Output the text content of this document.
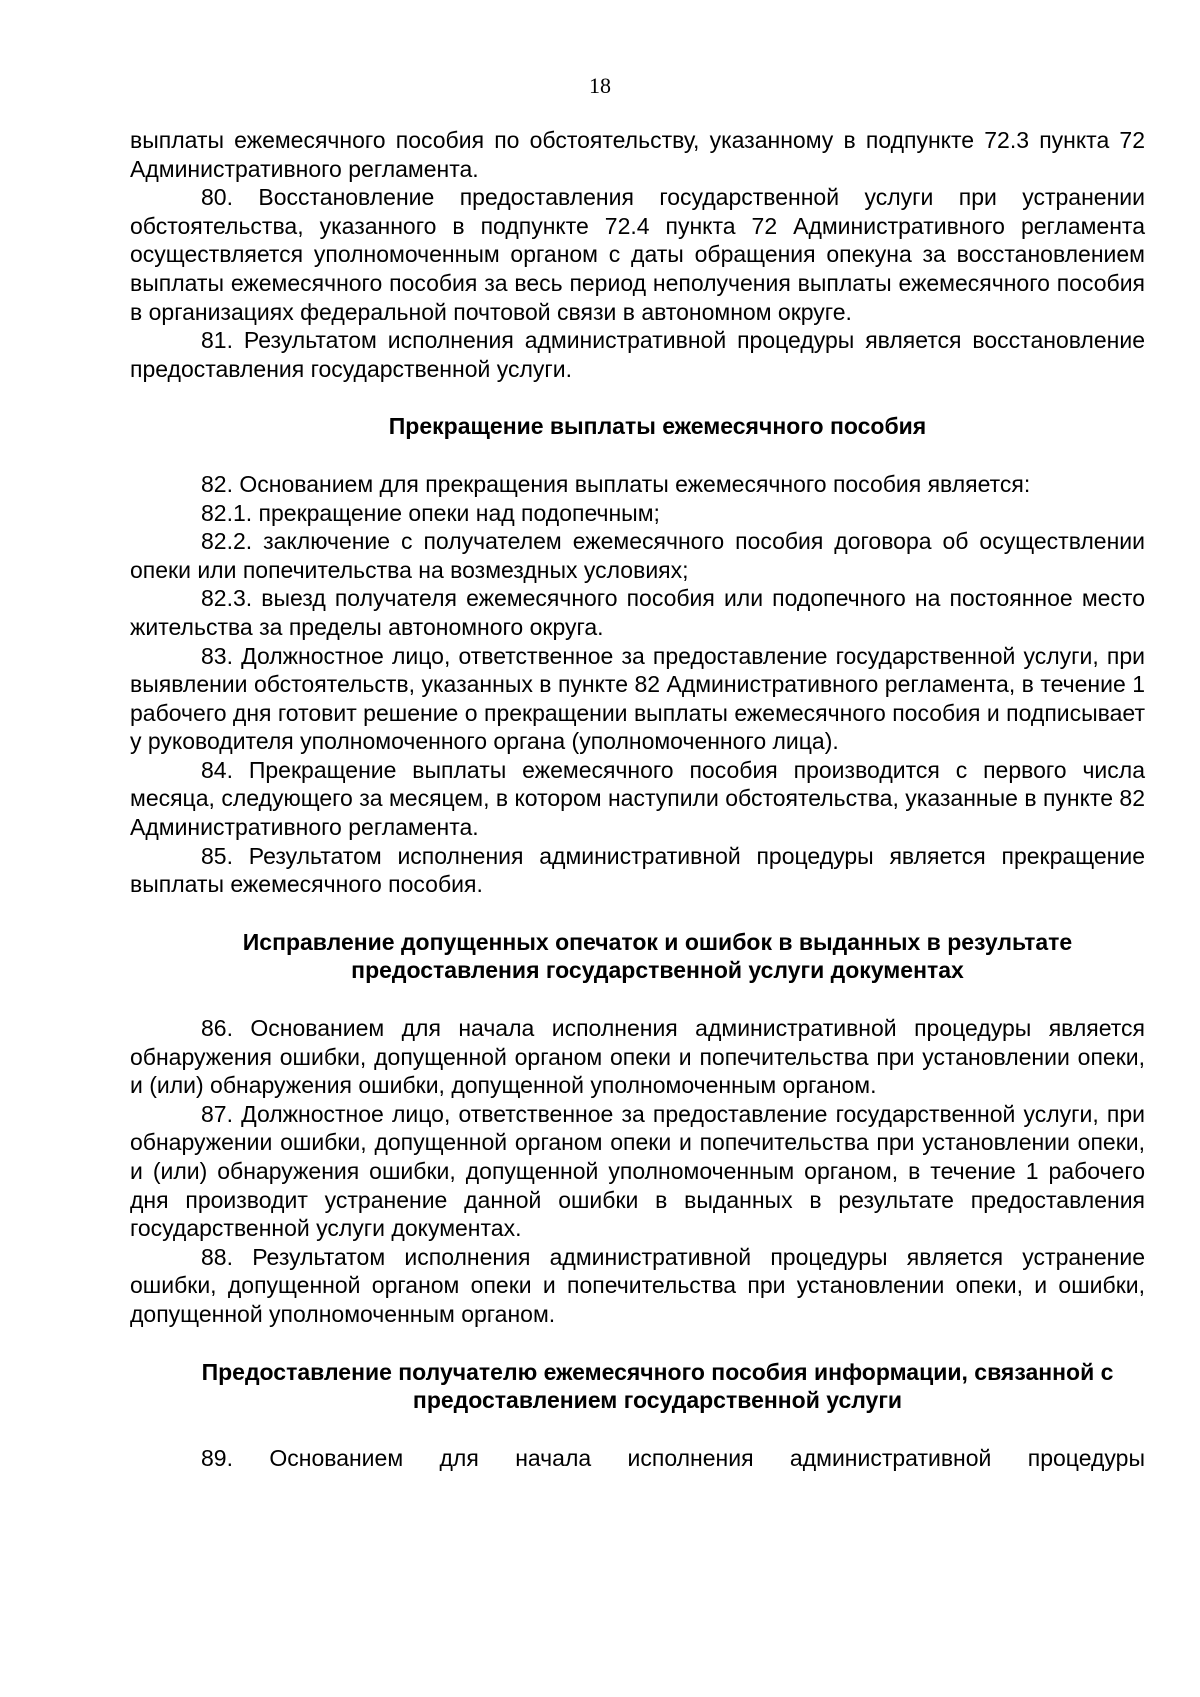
18

выплаты ежемесячного пособия по обстоятельству, указанному в подпункте 72.3 пункта 72 Административного регламента.

80. Восстановление предоставления государственной услуги при устранении обстоятельства, указанного в подпункте 72.4 пункта 72 Административного регламента осуществляется уполномоченным органом с даты обращения опекуна за восстановлением выплаты ежемесячного пособия за весь период неполучения выплаты ежемесячного пособия в организациях федеральной почтовой связи в автономном округе.

81. Результатом исполнения административной процедуры является восстановление предоставления государственной услуги.

Прекращение выплаты ежемесячного пособия

82. Основанием для прекращения выплаты ежемесячного пособия является:

82.1. прекращение опеки над подопечным;

82.2. заключение с получателем ежемесячного пособия договора об осуществлении опеки или попечительства на возмездных условиях;

82.3. выезд получателя ежемесячного пособия или подопечного на постоянное место жительства за пределы автономного округа.

83. Должностное лицо, ответственное за предоставление государственной услуги, при выявлении обстоятельств, указанных в пункте 82 Административного регламента, в течение 1 рабочего дня готовит решение о прекращении выплаты ежемесячного пособия и подписывает у руководителя уполномоченного органа (уполномоченного лица).

84. Прекращение выплаты ежемесячного пособия производится с первого числа месяца, следующего за месяцем, в котором наступили обстоятельства, указанные в пункте 82 Административного регламента.

85. Результатом исполнения административной процедуры является прекращение выплаты ежемесячного пособия.

Исправление допущенных опечаток и ошибок в выданных в результате предоставления государственной услуги документах

86. Основанием для начала исполнения административной процедуры является обнаружения ошибки, допущенной органом опеки и попечительства при установлении опеки, и (или) обнаружения ошибки, допущенной уполномоченным органом.

87. Должностное лицо, ответственное за предоставление государственной услуги, при обнаружении ошибки, допущенной органом опеки и попечительства при установлении опеки, и (или) обнаружения ошибки, допущенной уполномоченным органом, в течение 1 рабочего дня производит устранение данной ошибки в выданных в результате предоставления государственной услуги документах.

88. Результатом исполнения административной процедуры является устранение ошибки, допущенной органом опеки и попечительства при установлении опеки, и ошибки, допущенной уполномоченным органом.

Предоставление получателю ежемесячного пособия информации, связанной с предоставлением государственной услуги

89. Основанием для начала исполнения административной процедуры
